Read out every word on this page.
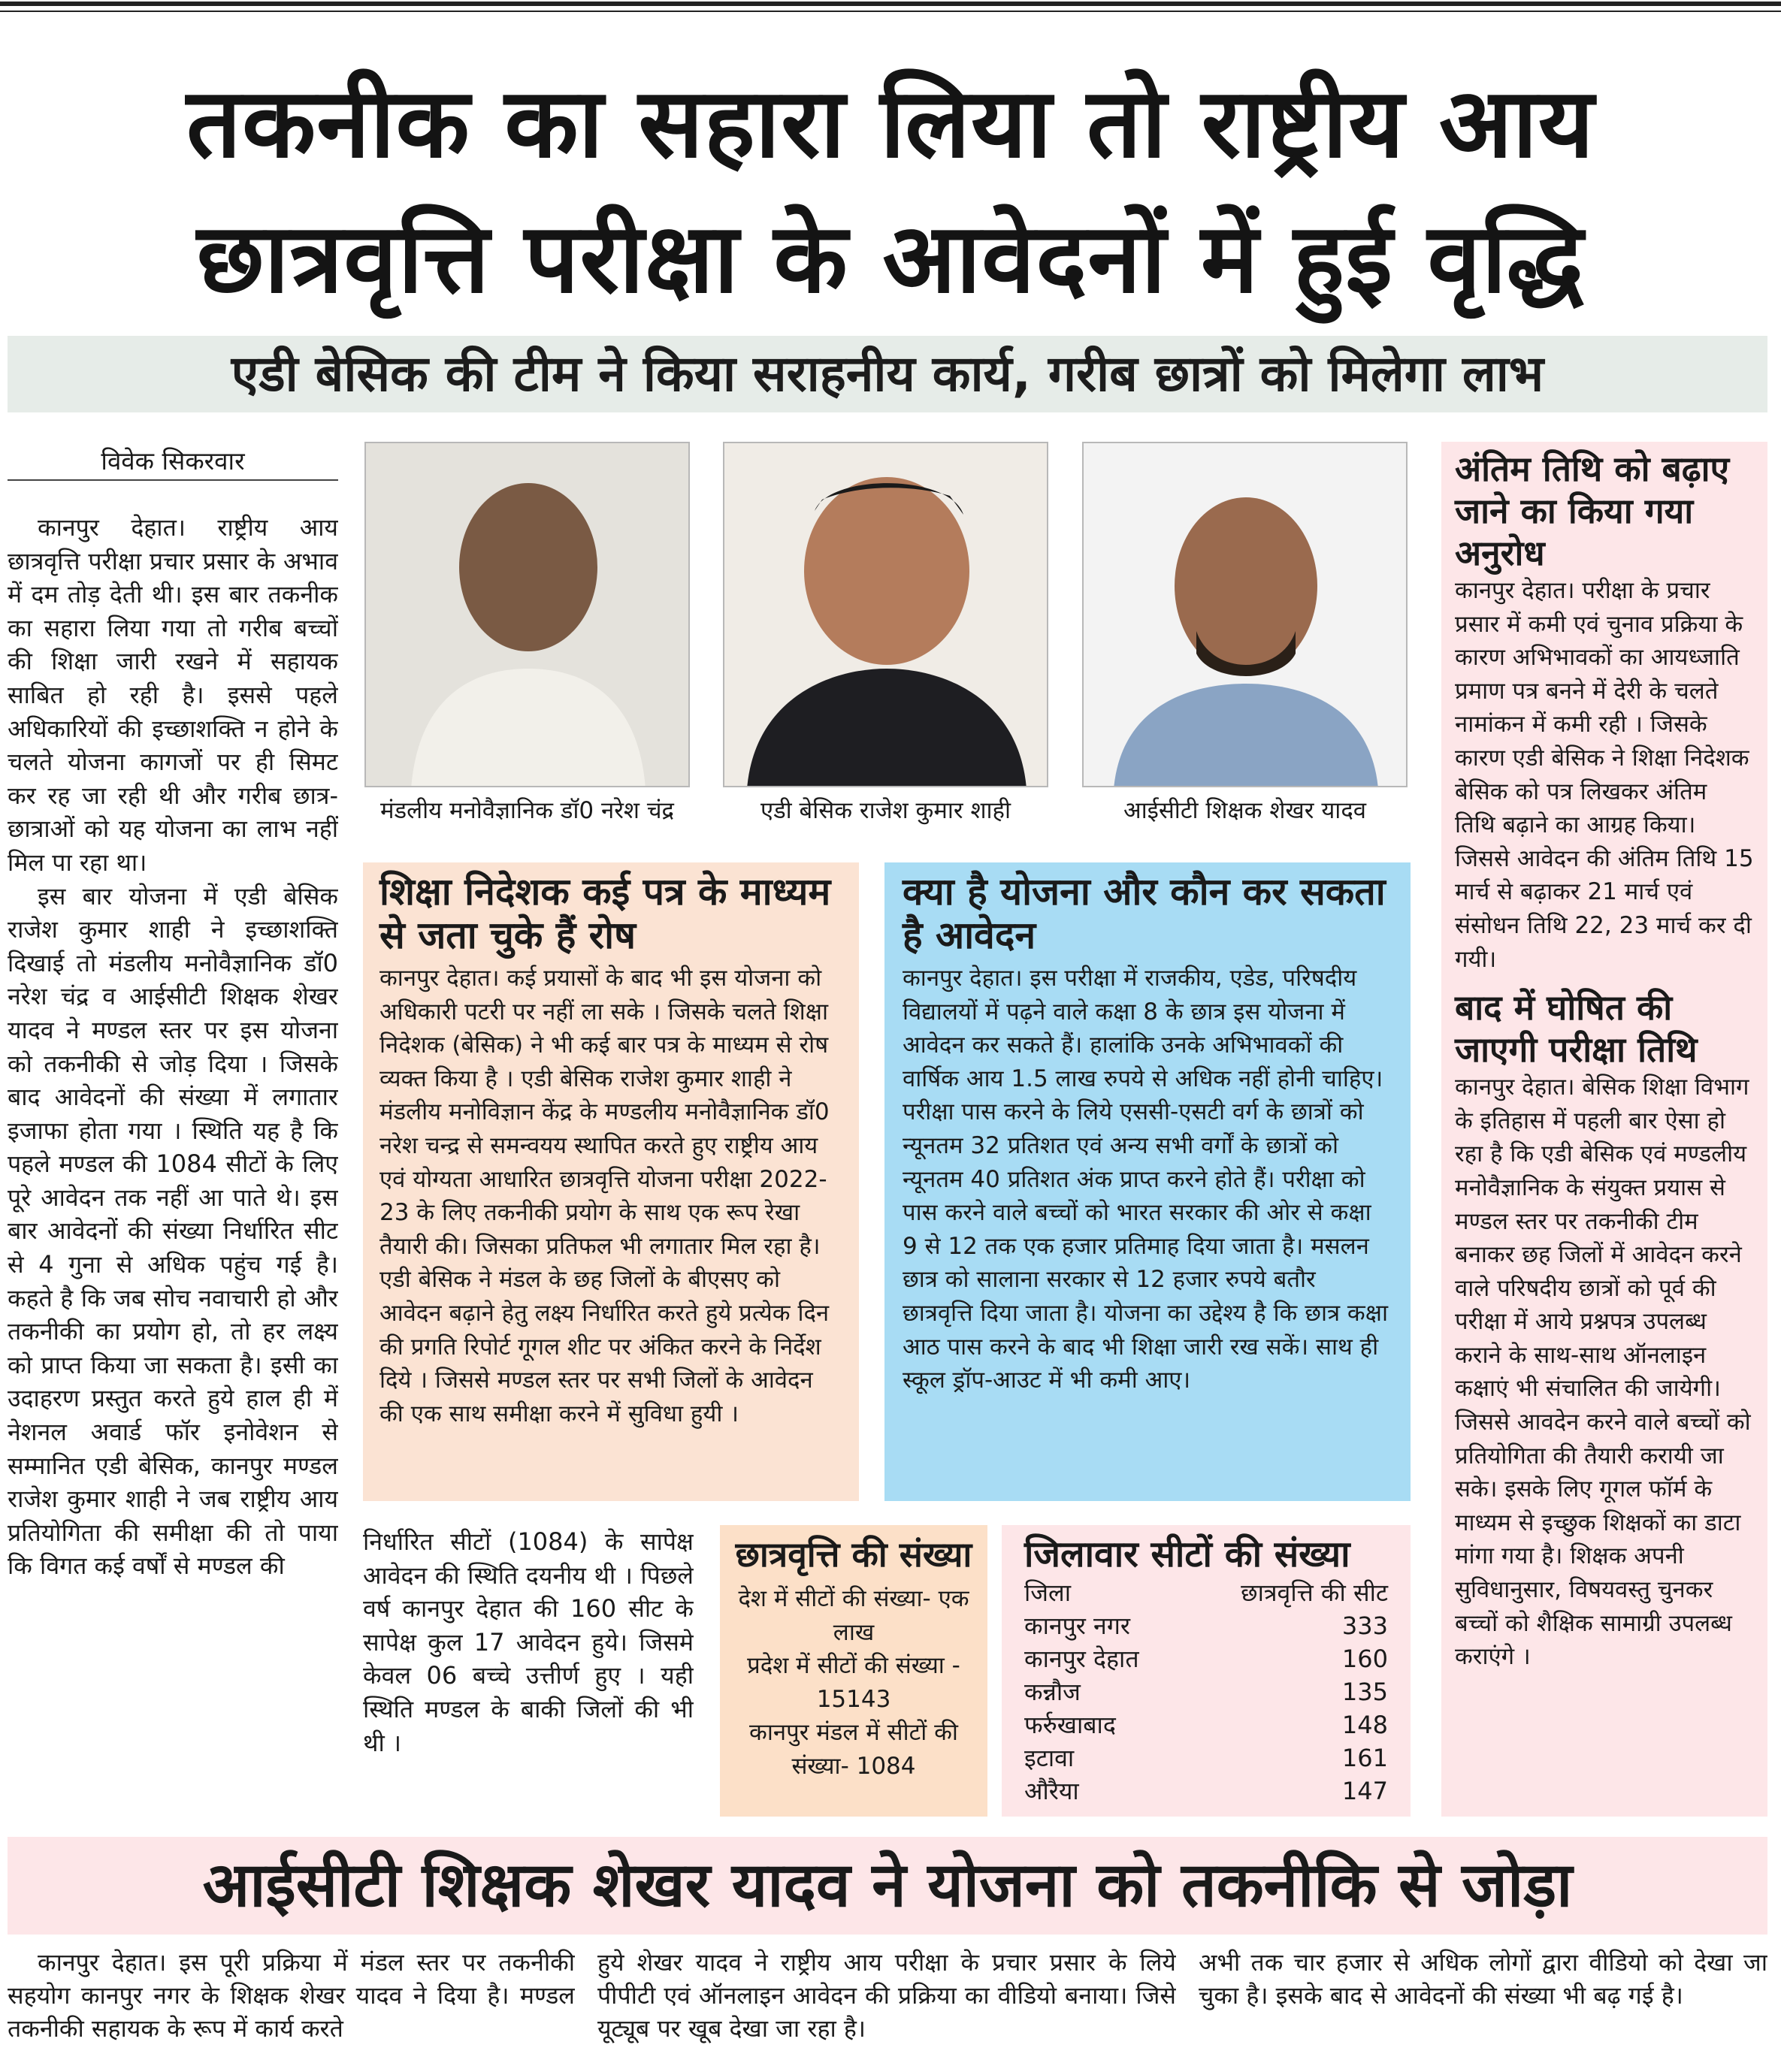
तकनीक का सहारा लिया तो राष्ट्रीय आय
छात्रवृत्ति परीक्षा के आवेदनों में हुई वृद्धि
एडी बेसिक की टीम ने किया सराहनीय कार्य, गरीब छात्रों को मिलेगा लाभ
विवेक सिकरवार

कानपुर देहात। राष्ट्रीय आय छात्रवृत्ति परीक्षा प्रचार प्रसार के अभाव में दम तोड़ देती थी। इस बार तकनीक का सहारा लिया गया तो गरीब बच्चों की शिक्षा जारी रखने में सहायक साबित हो रही है। इससे पहले अधिकारियों की इच्छाशक्ति न होने के चलते योजना कागजों पर ही सिमट कर रह जा रही थी और गरीब छात्र-छात्राओं को यह योजना का लाभ नहीं मिल पा रहा था।

इस बार योजना में एडी बेसिक राजेश कुमार शाही ने इच्छाशक्ति दिखाई तो मंडलीय मनोवैज्ञानिक डॉ0 नरेश चंद्र व आईसीटी शिक्षक शेखर यादव ने मण्डल स्तर पर इस योजना को तकनीकी से जोड़ दिया । जिसके बाद आवेदनों की संख्या में लगातार इजाफा होता गया । स्थिति यह है कि पहले मण्डल की 1084 सीटों के लिए पूरे आवेदन तक नहीं आ पाते थे। इस बार आवेदनों की संख्या निर्धारित सीट से 4 गुना से अधिक पहुंच गई है। कहते है कि जब सोच नवाचारी हो और तकनीकी का प्रयोग हो, तो हर लक्ष्य को प्राप्त किया जा सकता है। इसी का उदाहरण प्रस्तुत करते हुये हाल ही में नेशनल अवार्ड फॉर इनोवेशन से सम्मानित एडी बेसिक, कानपुर मण्डल राजेश कुमार शाही ने जब राष्ट्रीय आय प्रतियोगिता की समीक्षा की तो पाया कि विगत कई वर्षों से मण्डल की

मंडलीय मनोवैज्ञानिक डॉ0 नरेश चंद्र	एडी बेसिक राजेश कुमार शाही	आईसीटी शिक्षक शेखर यादव
शिक्षा निदेशक कई पत्र के माध्यम से जता चुके हैं रोष
कानपुर देहात। कई प्रयासों के बाद भी इस योजना को अधिकारी पटरी पर नहीं ला सके । जिसके चलते शिक्षा निदेशक (बेसिक) ने भी कई बार पत्र के माध्यम से रोष व्यक्त किया है । एडी बेसिक राजेश कुमार शाही ने मंडलीय मनोविज्ञान केंद्र के मण्डलीय मनोवैज्ञानिक डॉ0 नरेश चन्द्र से समन्वयय स्थापित करते हुए राष्ट्रीय आय एवं योग्यता आधारित छात्रवृत्ति योजना परीक्षा 2022-23 के लिए तकनीकी प्रयोग के साथ एक रूप रेखा तैयारी की। जिसका प्रतिफल भी लगातार मिल रहा है। एडी बेसिक ने मंडल के छह जिलों के बीएसए को आवेदन बढ़ाने हेतु लक्ष्य निर्धारित करते हुये प्रत्येक दिन की प्रगति रिपोर्ट गूगल शीट पर अंकित करने के निर्देश दिये । जिससे मण्डल स्तर पर सभी जिलों के आवेदन की एक साथ समीक्षा करने में सुविधा हुयी ।
क्या है योजना और कौन कर सकता है आवेदन
कानपुर देहात। इस परीक्षा में राजकीय, एडेड, परिषदीय विद्यालयों में पढ़ने वाले कक्षा 8 के छात्र इस योजना में आवेदन कर सकते हैं। हालांकि उनके अभिभावकों की वार्षिक आय 1.5 लाख रुपये से अधिक नहीं होनी चाहिए। परीक्षा पास करने के लिये एससी-एसटी वर्ग के छात्रों को न्यूनतम 32 प्रतिशत एवं अन्य सभी वर्गों के छात्रों को न्यूनतम 40 प्रतिशत अंक प्राप्त करने होते हैं। परीक्षा को पास करने वाले बच्चों को भारत सरकार की ओर से कक्षा 9 से 12 तक एक हजार प्रतिमाह दिया जाता है। मसलन छात्र को सालाना सरकार से 12 हजार रुपये बतौर छात्रवृत्ति दिया जाता है। योजना का उद्देश्य है कि छात्र कक्षा आठ पास करने के बाद भी शिक्षा जारी रख सकें। साथ ही स्कूल ड्रॉप-आउट में भी कमी आए।
अंतिम तिथि को बढ़ाए जाने का किया गया अनुरोध
कानपुर देहात। परीक्षा के प्रचार प्रसार में कमी एवं चुनाव प्रक्रिया के कारण अभिभावकों का आयध्जाति प्रमाण पत्र बनने में देरी के चलते नामांकन में कमी रही । जिसके कारण एडी बेसिक ने शिक्षा निदेशक बेसिक को पत्र लिखकर अंतिम तिथि बढ़ाने का आग्रह किया। जिससे आवेदन की अंतिम तिथि 15 मार्च से बढ़ाकर 21 मार्च एवं संसोधन तिथि 22, 23 मार्च कर दी गयी।
बाद में घोषित की जाएगी परीक्षा तिथि
कानपुर देहात। बेसिक शिक्षा विभाग के इतिहास में पहली बार ऐसा हो रहा है कि एडी बेसिक एवं मण्डलीय मनोवैज्ञानिक के संयुक्त प्रयास से मण्डल स्तर पर तकनीकी टीम बनाकर छह जिलों में आवेदन करने वाले परिषदीय छात्रों को पूर्व की परीक्षा में आये प्रश्नपत्र उपलब्ध कराने के साथ-साथ ऑनलाइन कक्षाएं भी संचालित की जायेगी। जिससे आवदेन करने वाले बच्चों को प्रतियोगिता की तैयारी करायी जा सके। इसके लिए गूगल फॉर्म के माध्यम से इच्छुक शिक्षकों का डाटा मांगा गया है। शिक्षक अपनी सुविधानुसार, विषयवस्तु चुनकर बच्चों को शैक्षिक सामाग्री उपलब्ध कराएंगे ।

निर्धारित सीटों (1084) के सापेक्ष आवेदन की स्थिति दयनीय थी । पिछले वर्ष कानपुर देहात की 160 सीट के सापेक्ष कुल 17 आवेदन हुये। जिसमे केवल 06 बच्चे उत्तीर्ण हुए । यही स्थिति मण्डल के बाकी जिलों की भी थी ।

छात्रवृत्ति की संख्या
देश में सीटों की संख्या- एक लाख
प्रदेश में सीटों की संख्या - 15143
कानपुर मंडल में सीटों की संख्या- 1084
जिलावार सीटों की संख्या
जिला	छात्रवृत्ति की सीट
कानपुर नगर	333
कानपुर देहात	160
कन्नौज	135
फर्रुखाबाद	148
इटावा	161
औरैया	147
आईसीटी शिक्षक शेखर यादव ने योजना को तकनीकि से जोड़ा

कानपुर देहात। इस पूरी प्रक्रिया में मंडल स्तर पर तकनीकी सहयोग कानपुर नगर के शिक्षक शेखर यादव ने दिया है। मण्डल तकनीकी सहायक के रूप में कार्य करते

हुये शेखर यादव ने राष्ट्रीय आय परीक्षा के प्रचार प्रसार के लिये पीपीटी एवं ऑनलाइन आवेदन की प्रक्रिया का वीडियो बनाया। जिसे यूट्यूब पर खूब देखा जा रहा है।

अभी तक चार हजार से अधिक लोगों द्वारा वीडियो को देखा जा चुका है। इसके बाद से आवेदनों की संख्या भी बढ़ गई है।
